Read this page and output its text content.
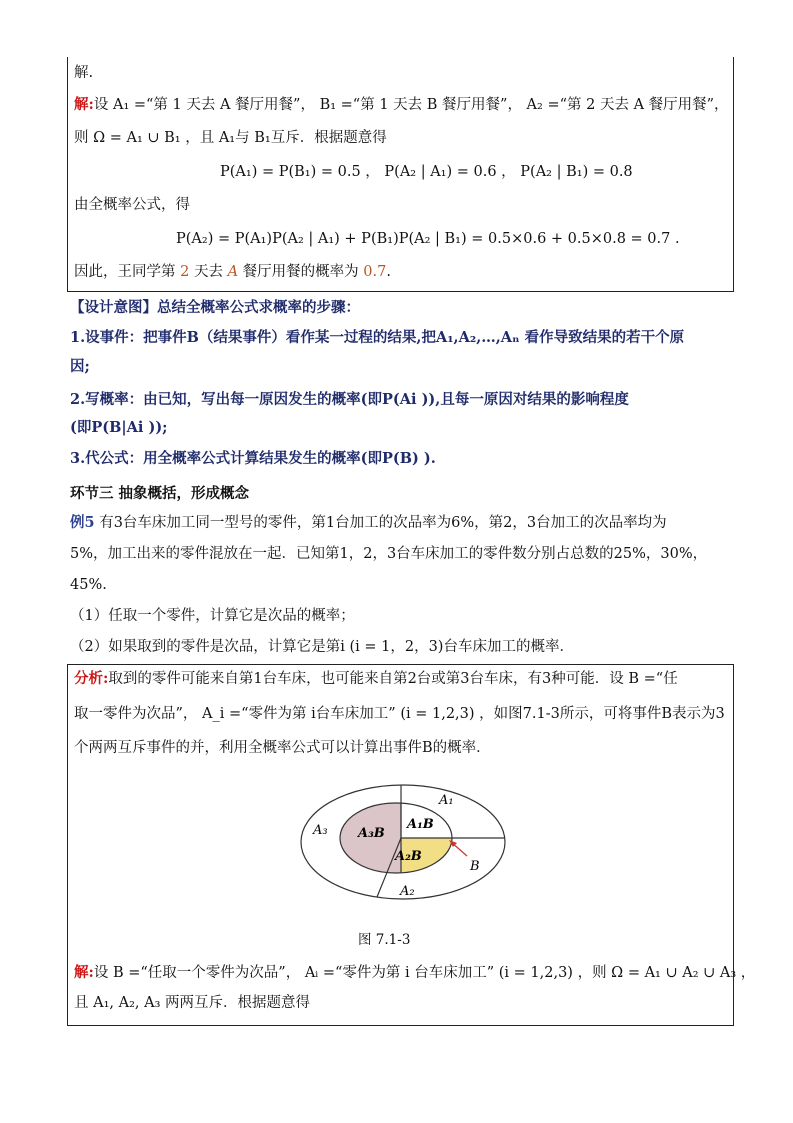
解.
解:设 A₁ =“第 1 天去 A 餐厅用餐”， B₁ =“第 1 天去 B 餐厅用餐”， A₂ =“第 2 天去 A 餐厅用餐”，
则 Ω = A₁ ∪ B₁ ，且 A₁与 B₁互斥．根据题意得
P(A₁) = P(B₁) = 0.5 ， P(A₂ | A₁) = 0.6 ， P(A₂ | B₁) = 0.8
由全概率公式，得
P(A₂) = P(A₁)P(A₂ | A₁) + P(B₁)P(A₂ | B₁) = 0.5×0.6 + 0.5×0.8 = 0.7 .
因此，王同学第 2 天去 A 餐厅用餐的概率为 0.7.
【设计意图】总结全概率公式求概率的步骤：
1.设事件：把事件B（结果事件）看作某一过程的结果,把A₁,A₂,…,Aₙ 看作导致结果的若干个原
因;
2.写概率：由已知，写出每一原因发生的概率(即P(Ai )),且每一原因对结果的影响程度
(即P(B|Ai ));
3.代公式：用全概率公式计算结果发生的概率(即P(B) ).
环节三 抽象概括，形成概念
例5 有3台车床加工同一型号的零件，第1台加工的次品率为6%，第2，3台加工的次品率均为
5%，加工出来的零件混放在一起．已知第1，2，3台车床加工的零件数分别占总数的25%，30%，
45%.
（1）任取一个零件，计算它是次品的概率；
（2）如果取到的零件是次品，计算它是第i (i = 1，2，3)台车床加工的概率．
分析:取到的零件可能来自第1台车床，也可能来自第2台或第3台车床，有3种可能．设 B =“任
取一零件为次品”， A_i =“零件为第 i台车床加工” (i = 1,2,3) ，如图7.1-3所示，可将事件B表示为3
个两两互斥事件的并，利用全概率公式可以计算出事件B的概率．
A₁
A₃ A₃B
A₁B
A₂B
A₂
B
图 7.1-3
解:设 B =“任取一个零件为次品”， Aᵢ =“零件为第 i 台车床加工” (i = 1,2,3) ，则 Ω = A₁ ∪ A₂ ∪ A₃ ，
且 A₁, A₂, A₃ 两两互斥．根据题意得
